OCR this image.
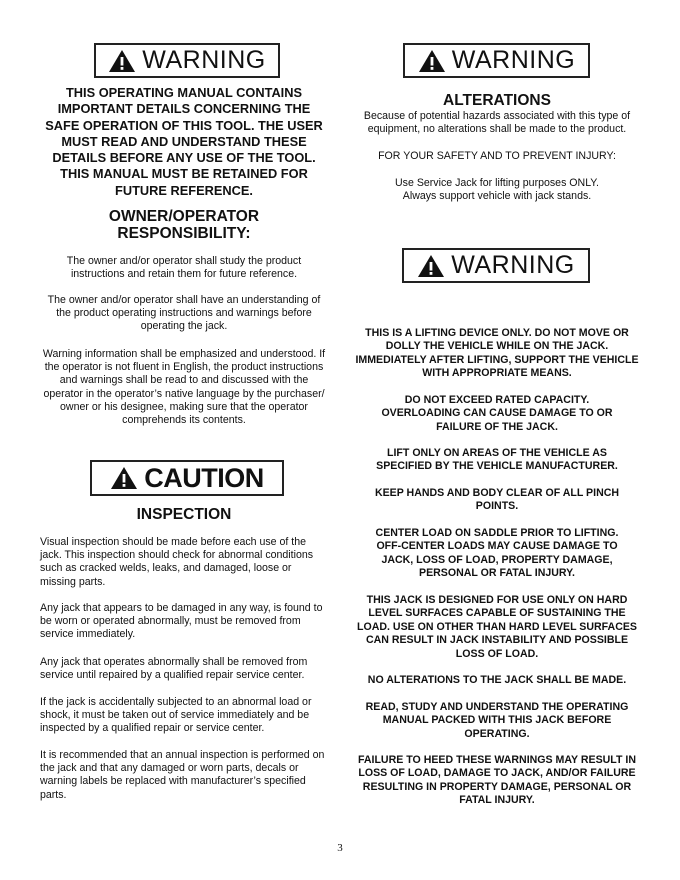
WARNING
THIS OPERATING MANUAL CONTAINS IMPORTANT DETAILS CONCERNING THE SAFE OPERATION OF THIS TOOL. THE USER MUST READ AND UNDERSTAND THESE DETAILS BEFORE ANY USE OF THE TOOL. THIS MANUAL MUST BE RETAINED FOR FUTURE REFERENCE.
OWNER/OPERATOR
RESPONSIBILITY:
The owner and/or operator shall study the product instructions and retain them for future reference.
The owner and/or operator shall have an understanding of the product operating instructions and warnings before operating the jack.
Warning information shall be emphasized and understood. If the operator is not fluent in English, the product instructions and warnings shall be read to and discussed with the operator in the operator’s native language by the purchaser/ owner or his designee, making sure that the operator comprehends its contents.
CAUTION
INSPECTION
Visual inspection should be made before each use of the jack. This inspection should check for abnormal conditions such as cracked welds, leaks, and damaged, loose or missing parts.
Any jack that appears to be damaged in any way, is found to be worn or operated abnormally, must be removed from service immediately.
Any jack that operates abnormally shall be removed from service until repaired by a qualified repair service center.
If the jack is accidentally subjected to an abnormal load or shock, it must be taken out of service immediately and be inspected by a qualified repair or service center.
It is recommended that an annual inspection is performed on the jack and that any damaged or worn parts, decals or warning labels be replaced with manufacturer’s specified parts.
WARNING
ALTERATIONS
Because of potential hazards associated with this type of equipment, no alterations shall be made to the product.
FOR YOUR SAFETY AND TO PREVENT INJURY:
Use Service Jack for lifting purposes ONLY.
Always support vehicle with jack stands.
WARNING
THIS IS A LIFTING DEVICE ONLY. DO NOT MOVE OR DOLLY THE VEHICLE WHILE ON THE JACK. IMMEDIATELY AFTER LIFTING, SUPPORT THE VEHICLE WITH APPROPRIATE MEANS.
DO NOT EXCEED RATED CAPACITY. OVERLOADING CAN CAUSE DAMAGE TO OR FAILURE OF THE JACK.
LIFT ONLY ON AREAS OF THE VEHICLE AS SPECIFIED BY THE VEHICLE MANUFACTURER.
KEEP HANDS AND BODY CLEAR OF ALL PINCH POINTS.
CENTER LOAD ON SADDLE PRIOR TO LIFTING. OFF-CENTER LOADS MAY CAUSE DAMAGE TO JACK, LOSS OF LOAD, PROPERTY DAMAGE, PERSONAL OR FATAL INJURY.
THIS JACK IS DESIGNED FOR USE ONLY ON HARD LEVEL SURFACES CAPABLE OF SUSTAINING THE LOAD. USE ON OTHER THAN HARD LEVEL SURFACES CAN RESULT IN JACK INSTABILITY AND POSSIBLE LOSS OF LOAD.
NO ALTERATIONS TO THE JACK SHALL BE MADE.
READ, STUDY AND UNDERSTAND THE OPERATING MANUAL PACKED WITH THIS JACK BEFORE OPERATING.
FAILURE TO HEED THESE WARNINGS MAY RESULT IN LOSS OF LOAD, DAMAGE TO JACK, AND/OR FAILURE RESULTING IN PROPERTY DAMAGE, PERSONAL OR FATAL INJURY.
3
